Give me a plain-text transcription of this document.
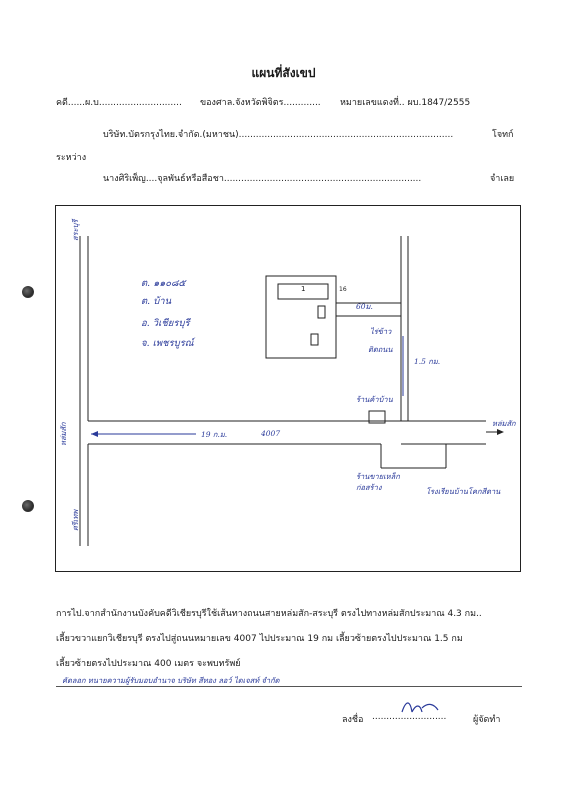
แผนที่สังเขป
คดี......ผ.บ............................. ของศาล.จังหวัดพิจิตร............. หมายเลขแดงที่.. ผบ.1847/2555
บริษัท.บัตรกรุงไทย.จำกัด.(มหาชน)...........................................................................	โจทก์
ระหว่าง
นางศิริเพ็ญ....จุลพันธ์หรือสือชา.....................................................................	จำเลย
ต. ๑๑๐๘๕
ต. บ้าน
อ. วิเชียรบุรี
จ. เพชรบูรณ์
1	16
60ม.
ไร่ข้าว
ติดถนน
1.5 กม.
ร้านค้าบ้าน
19 ก.ม.	4007
หล่มสัก
สระบุรี
หล่มสัก
ศรีเทพ
ร้านขายเหล็ก ก่อสร้าง	โรงเรียนบ้านโคกสีดาน
การไป.จากสำนักงานบังคับคดีวิเชียรบุรีใช้เส้นทางถนนสายหล่มสัก-สระบุรี ตรงไปทางหล่มสักประมาณ 4.3 กม..
เลี้ยวขวาแยกวิเชียรบุรี ตรงไปสู่ถนนหมายเลข 4007 ไปประมาณ 19 กม เลี้ยวซ้ายตรงไปประมาณ 1.5 กม
เลี้ยวซ้ายตรงไปประมาณ 400 เมตร จะพบทรัพย์
คัดลอก ทนายความผู้รับมอบอำนาจ บริษัท สีทอง ลอว์ ไดเจสท์ จำกัด
ลงชื่อ ..........................	ผู้จัดทำ
